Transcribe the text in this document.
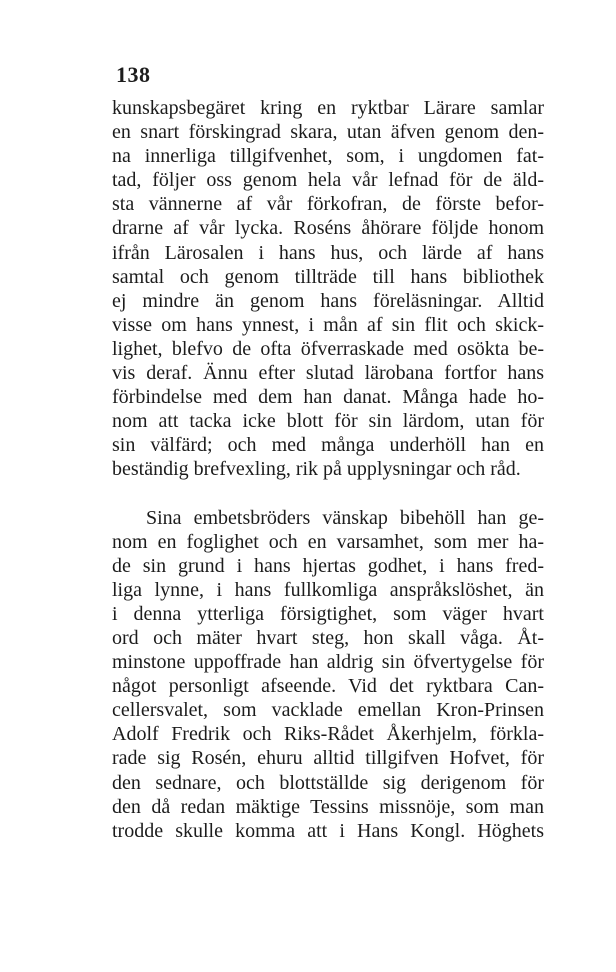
138
kunskapsbegäret kring en ryktbar Lärare samlar
en snart förskingrad skara, utan äfven genom den-
na innerliga tillgifvenhet, som, i ungdomen fat-
tad, följer oss genom hela vår lefnad för de äld-
sta vännerne af vår förkofran, de förste befor-
drarne af vår lycka. Roséns åhörare följde honom
ifrån Lärosalen i hans hus, och lärde af hans
samtal och genom tillträde till hans bibliothek
ej mindre än genom hans föreläsningar. Alltid
visse om hans ynnest, i mån af sin flit och skick-
lighet, blefvo de ofta öfverraskade med osökta be-
vis deraf. Ännu efter slutad lärobana fortfor hans
förbindelse med dem han danat. Många hade ho-
nom att tacka icke blott för sin lärdom, utan för
sin välfärd; och med många underhöll han en
beständig brefvexling, rik på upplysningar och råd.
Sina embetsbröders vänskap bibehöll han ge-
nom en foglighet och en varsamhet, som mer ha-
de sin grund i hans hjertas godhet, i hans fred-
liga lynne, i hans fullkomliga anspråkslöshet, än
i denna ytterliga försigtighet, som väger hvart
ord och mäter hvart steg, hon skall våga. Åt-
minstone uppoffrade han aldrig sin öfvertygelse för
något personligt afseende. Vid det ryktbara Can-
cellersvalet, som vacklade emellan Kron-Prinsen
Adolf Fredrik och Riks-Rådet Åkerhjelm, förkla-
rade sig Rosén, ehuru alltid tillgifven Hofvet, för
den sednare, och blottställde sig derigenom för
den då redan mäktige Tessins missnöje, som man
trodde skulle komma att i Hans Kongl. Höghets
